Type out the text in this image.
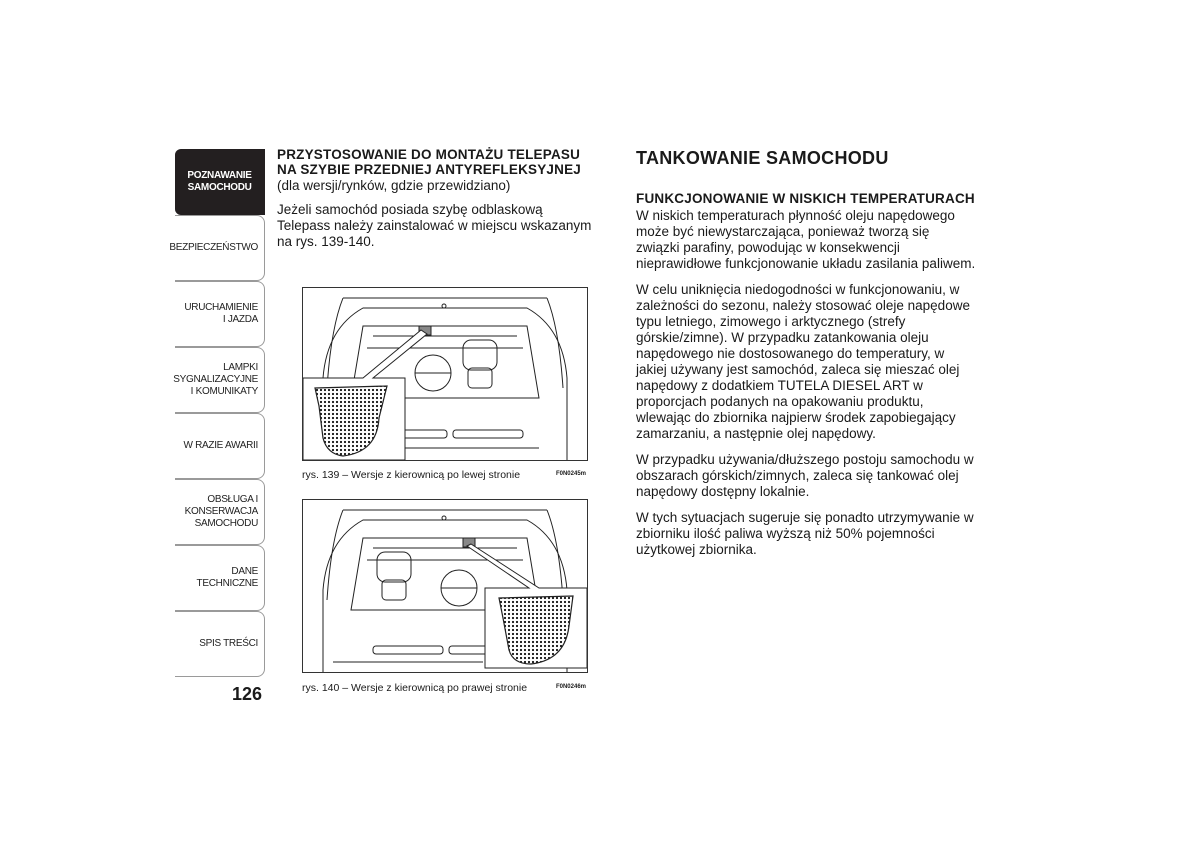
POZNAWANIE
SAMOCHODU
BEZPIECZEŃSTWO
URUCHAMIENIE
I JAZDA
LAMPKI
SYGNALIZACYJNE
I KOMUNIKATY
W RAZIE AWARII
OBSŁUGA I
KONSERWACJA
SAMOCHODU
DANE TECHNICZNE
SPIS TREŚCI
126
PRZYSTOSOWANIE DO MONTAŻU TELEPASU NA SZYBIE PRZEDNIEJ ANTYREFLEKSYJNEJ

(dla wersji/rynków, gdzie przewidziano)

Jeżeli samochód posiada szybę odblaskową Telepass należy zainstalować w miejscu wskazanym na rys. 139-140.

rys. 139 – Wersje z kierownicą po lewej stronie	F0N0245m
rys. 140 – Wersje z kierownicą po prawej stronie	F0N0246m
TANKOWANIE SAMOCHODU
FUNKCJONOWANIE W NISKICH TEMPERATURACH

W niskich temperaturach płynność oleju napędowego może być niewystarczająca, ponieważ tworzą się związki parafiny, powodując w konsekwencji nieprawidłowe funkcjonowanie układu zasilania paliwem.

W celu uniknięcia niedogodności w funkcjonowaniu, w zależności do sezonu, należy stosować oleje napędowe typu letniego, zimowego i arktycznego (strefy górskie/zimne). W przypadku zatankowania oleju napędowego nie dostosowanego do temperatury, w jakiej używany jest samochód, zaleca się mieszać olej napędowy z dodatkiem TUTELA DIESEL ART w proporcjach podanych na opakowaniu produktu, wlewając do zbiornika najpierw środek zapobiegający zamarzaniu, a następnie olej napędowy.

W przypadku używania/dłuższego postoju samochodu w obszarach górskich/zimnych, zaleca się tankować olej napędowy dostępny lokalnie.

W tych sytuacjach sugeruje się ponadto utrzymywanie w zbiorniku ilość paliwa wyższą niż 50% pojemności użytkowej zbiornika.
